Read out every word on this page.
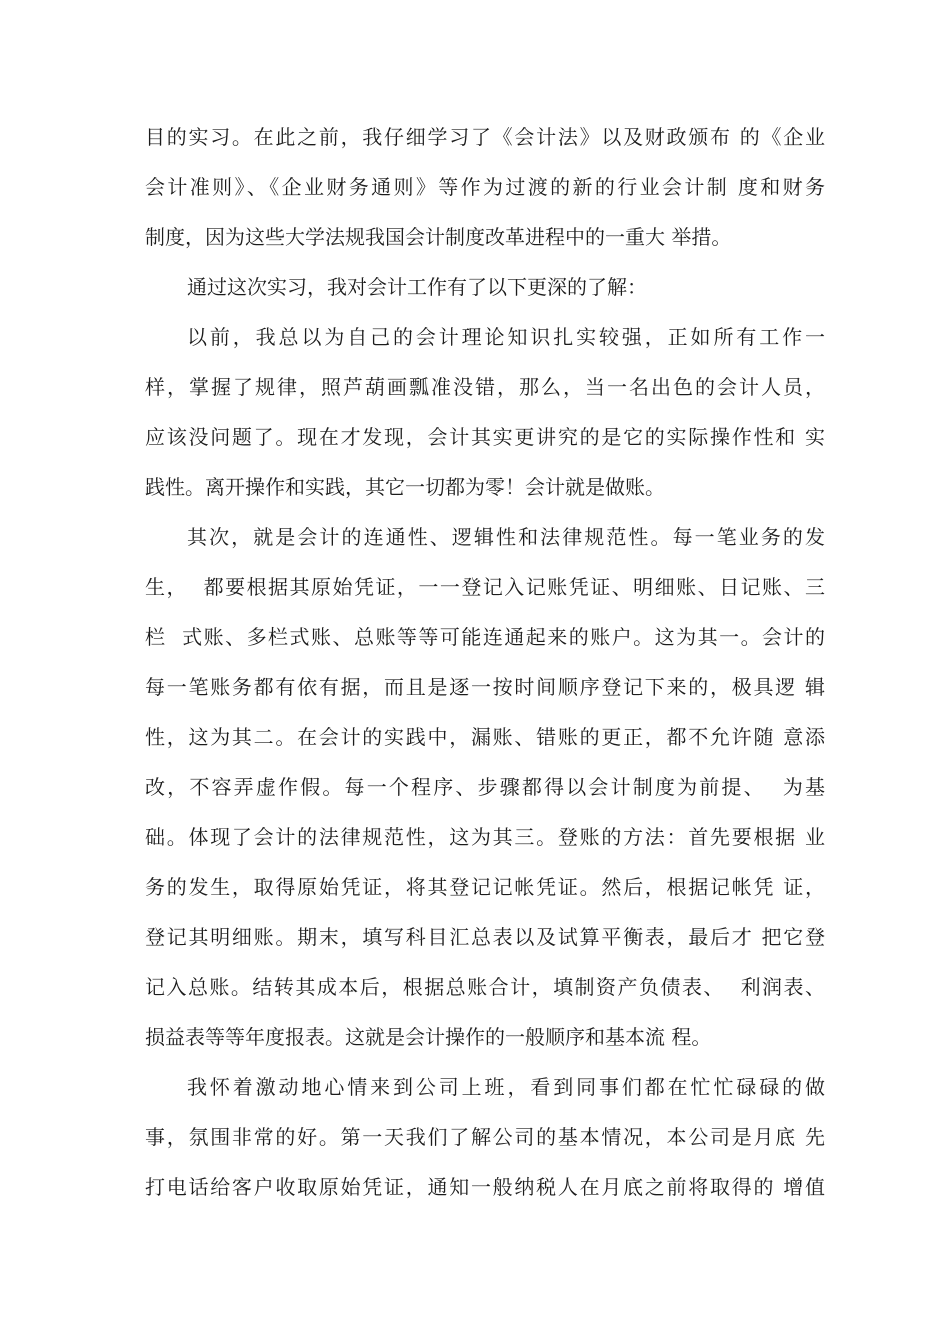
目的实习。在此之前，我仔细学习了《会计法》以及财政颁布 的《企业
会计准则》、《企业财务通则》等作为过渡的新的行业会计制 度和财务
制度，因为这些大学法规我国会计制度改革进程中的一重大 举措。
通过这次实习，我对会计工作有了以下更深的了解：
以前，我总以为自己的会计理论知识扎实较强，正如所有工作一
样，掌握了规律，照芦葫画瓢准没错，那么，当一名出色的会计人员，
应该没问题了。现在才发现，会计其实更讲究的是它的实际操作性和 实
践性。离开操作和实践，其它一切都为零！会计就是做账。
其次，就是会计的连通性、逻辑性和法律规范性。每一笔业务的发
生，  都要根据其原始凭证，一一登记入记账凭证、明细账、日记账、三
栏  式账、多栏式账、总账等等可能连通起来的账户。这为其一。会计的
每一笔账务都有依有据，而且是逐一按时间顺序登记下来的，极具逻 辑
性，这为其二。在会计的实践中，漏账、错账的更正，都不允许随 意添
改，不容弄虚作假。每一个程序、步骤都得以会计制度为前提、  为基
础。体现了会计的法律规范性，这为其三。登账的方法：首先要根据 业
务的发生，取得原始凭证，将其登记记帐凭证。然后，根据记帐凭 证，
登记其明细账。期末，填写科目汇总表以及试算平衡表，最后才 把它登
记入总账。结转其成本后，根据总账合计，填制资产负债表、  利润表、
损益表等等年度报表。这就是会计操作的一般顺序和基本流 程。
我怀着激动地心情来到公司上班，看到同事们都在忙忙碌碌的做
事，氛围非常的好。第一天我们了解公司的基本情况，本公司是月底 先
打电话给客户收取原始凭证，通知一般纳税人在月底之前将取得的 增值
